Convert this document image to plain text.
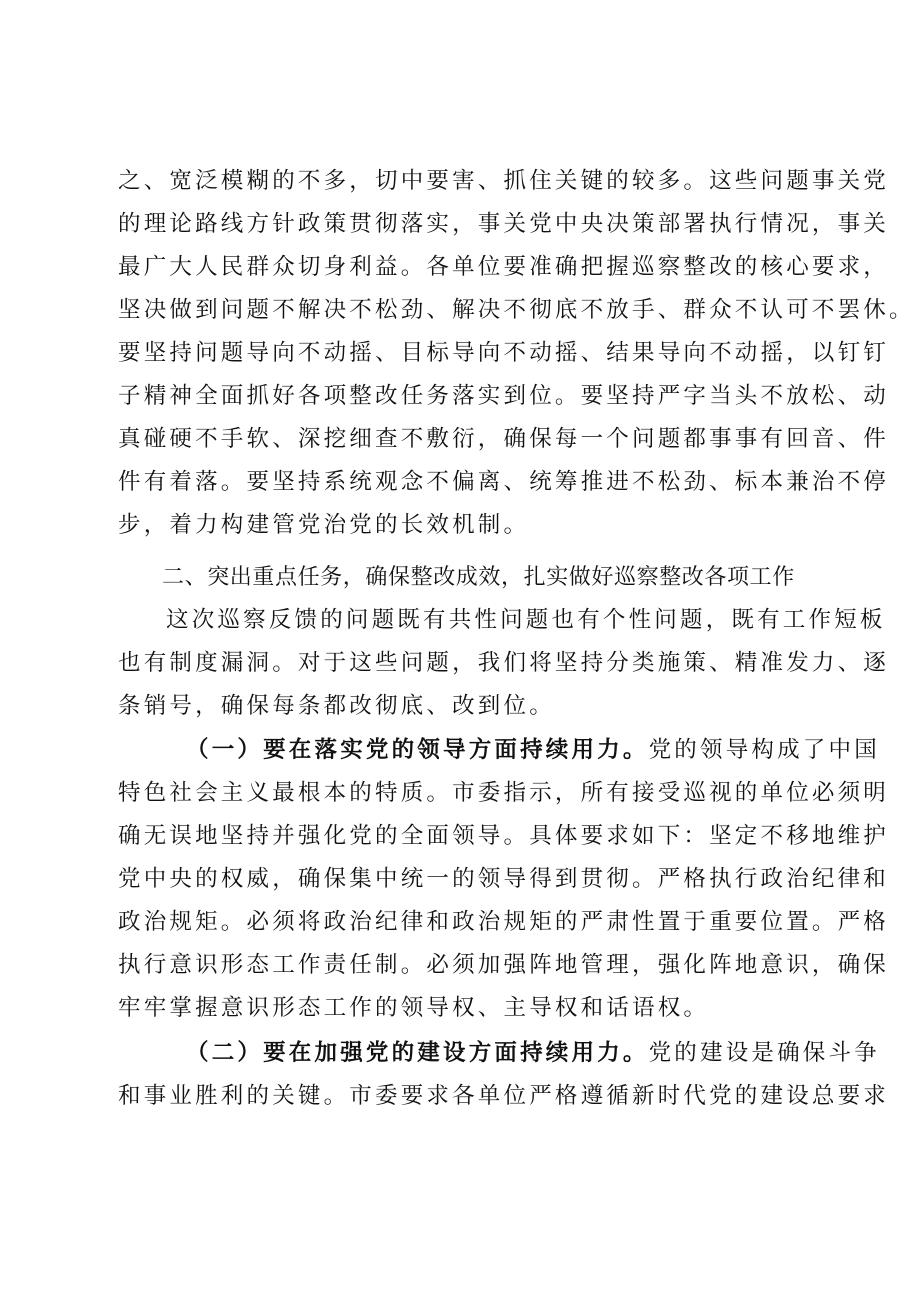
之、宽泛模糊的不多，切中要害、抓住关键的较多。这些问题事关党
的理论路线方针政策贯彻落实，事关党中央决策部署执行情况，事关
最广大人民群众切身利益。各单位要准确把握巡察整改的核心要求，
坚决做到问题不解决不松劲、解决不彻底不放手、群众不认可不罢休。
要坚持问题导向不动摇、目标导向不动摇、结果导向不动摇，以钉钉
子精神全面抓好各项整改任务落实到位。要坚持严字当头不放松、动
真碰硬不手软、深挖细查不敷衍，确保每一个问题都事事有回音、件
件有着落。要坚持系统观念不偏离、统筹推进不松劲、标本兼治不停
步，着力构建管党治党的长效机制。
二、突出重点任务，确保整改成效，扎实做好巡察整改各项工作
这次巡察反馈的问题既有共性问题也有个性问题，既有工作短板
也有制度漏洞。对于这些问题，我们将坚持分类施策、精准发力、逐
条销号，确保每条都改彻底、改到位。
（一）要在落实党的领导方面持续用力。党的领导构成了中国
特色社会主义最根本的特质。市委指示，所有接受巡视的单位必须明
确无误地坚持并强化党的全面领导。具体要求如下：坚定不移地维护
党中央的权威，确保集中统一的领导得到贯彻。严格执行政治纪律和
政治规矩。必须将政治纪律和政治规矩的严肃性置于重要位置。严格
执行意识形态工作责任制。必须加强阵地管理，强化阵地意识，确保
牢牢掌握意识形态工作的领导权、主导权和话语权。
（二）要在加强党的建设方面持续用力。党的建设是确保斗争
和事业胜利的关键。市委要求各单位严格遵循新时代党的建设总要求
